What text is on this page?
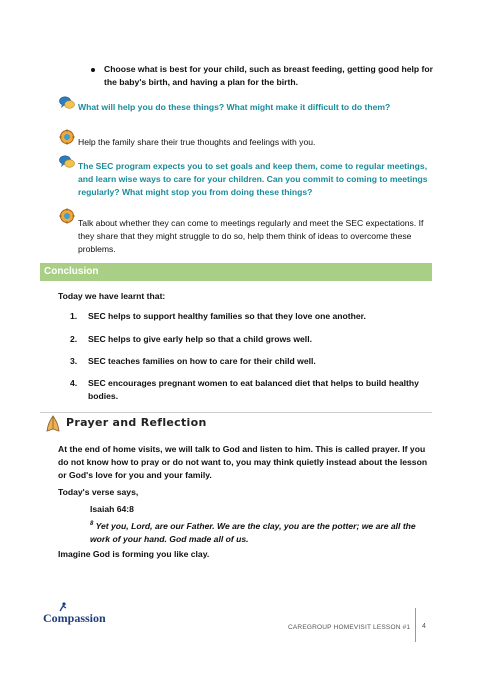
Choose what is best for your child, such as breast feeding, getting good help for the baby's birth, and having a plan for the birth.
What will help you do these things? What might make it difficult to do them?
Help the family share their true thoughts and feelings with you.
The SEC program expects you to set goals and keep them, come to regular meetings, and learn wise ways to care for your children. Can you commit to coming to meetings regularly? What might stop you from doing these things?
Talk about whether they can come to meetings regularly and meet the SEC expectations. If they share that they might struggle to do so, help them think of ideas to overcome these problems.
Conclusion
Today we have learnt that:
1. SEC helps to support healthy families so that they love one another.
2. SEC helps to give early help so that a child grows well.
3. SEC teaches families on how to care for their child well.
4. SEC encourages pregnant women to eat balanced diet that helps to build healthy bodies.
Prayer and Reflection
At the end of home visits, we will talk to God and listen to him. This is called prayer. If you do not know how to pray or do not want to, you may think quietly instead about the lesson or God's love for you and your family.
Today's verse says,
Isaiah 64:8
$^8$ Yet you, Lord, are our Father. We are the clay, you are the potter; we are all the work of your hand. God made all of us.
Imagine God is forming you like clay.
Compassion
CAREGROUP HOMEVISIT LESSON #1 4
